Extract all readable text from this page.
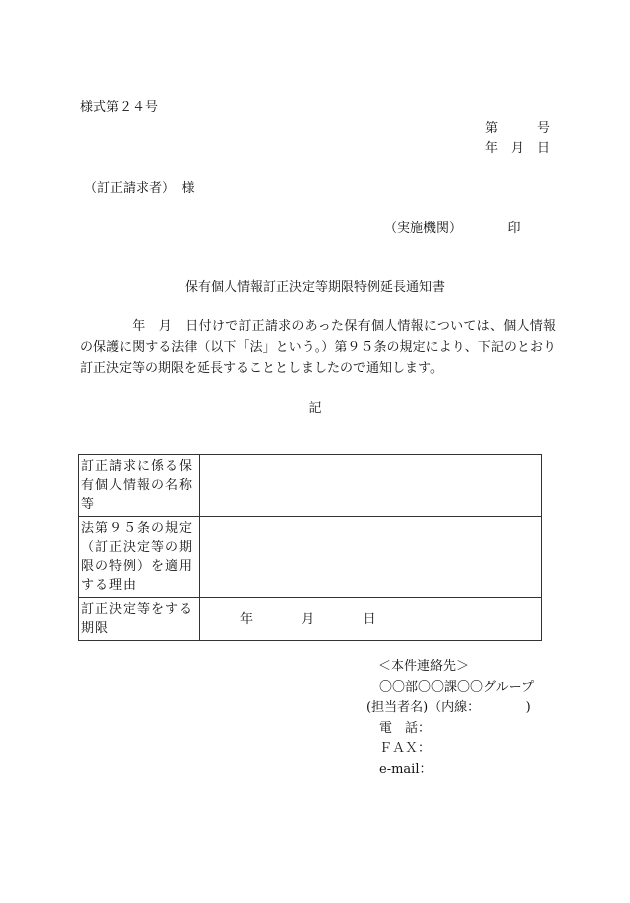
様式第２４号
第　　　号
年　月　日
（訂正請求者）　様
（実施機関）　　　　印
保有個人情報訂正決定等期限特例延長通知書
年　月　日付けで訂正請求のあった保有個人情報については、個人情報の保護に関する法律（以下「法」という。）第９５条の規定により、下記のとおり訂正決定等の期限を延長することとしましたので通知します。
記
訂正請求に係る保有個人情報の名称等	
法第９５条の規定（訂正決定等の期限の特例）を適用する理由	
訂正決定等をする期限	年 月 日
＜本件連絡先＞
　〇〇部〇〇課〇〇グループ
(担当者名)（内線：　　　　)
　電　話：
　ＦＡＸ：
　e-mail：
